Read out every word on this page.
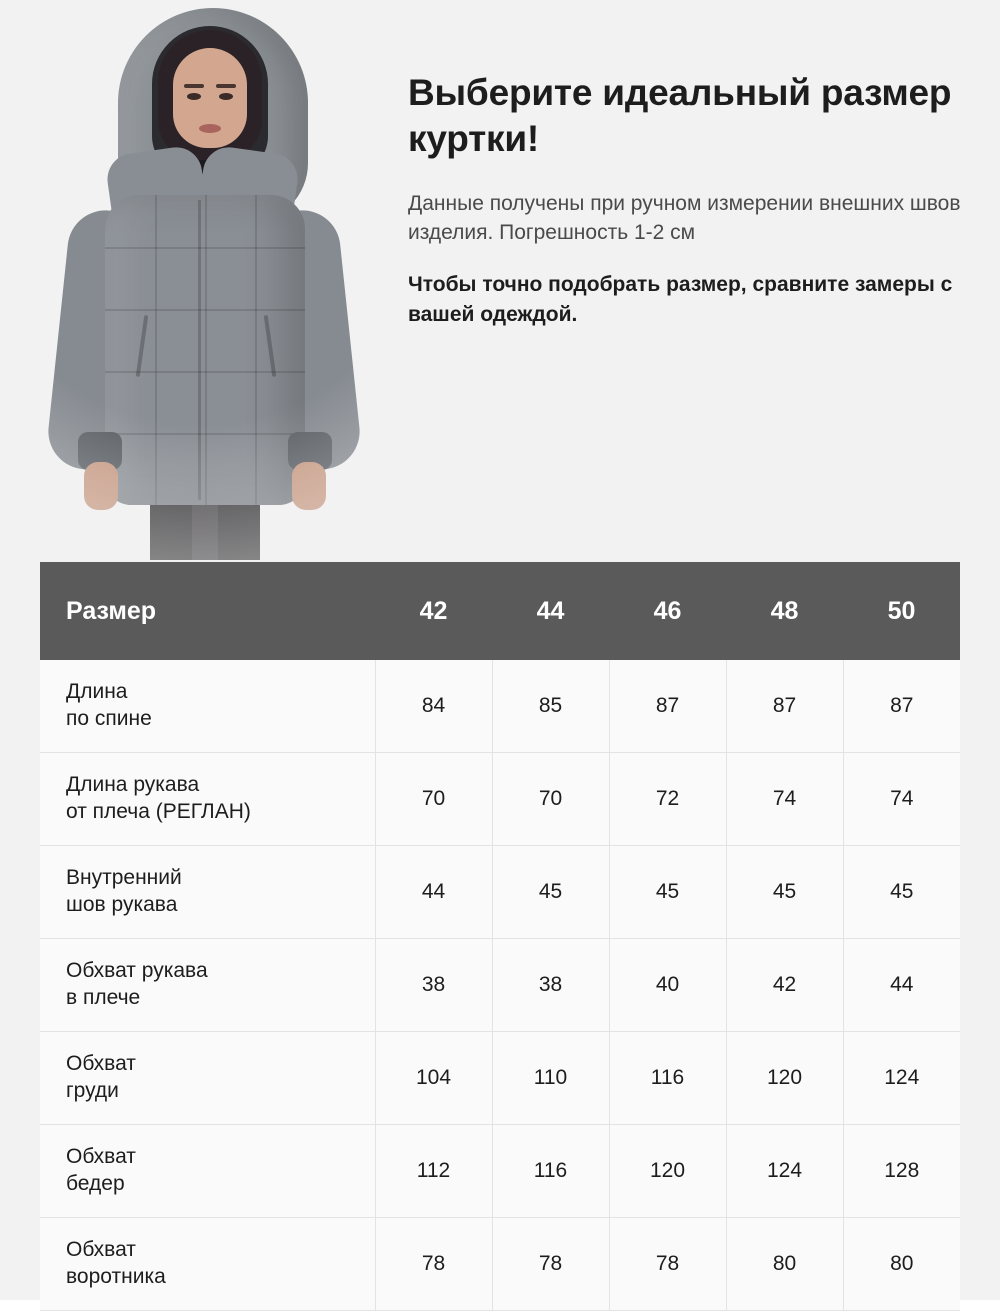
Выберите идеальный размер куртки!

Данные получены при ручном измерении внешних швов изделия. Погрешность 1-2 см

Чтобы точно подобрать размер, сравните замеры с вашей одеждой.

Размер	42	44	46	48	50
Длина
по спине	84	85	87	87	87
Длина рукава
от плеча (РЕГЛАН)	70	70	72	74	74
Внутренний
шов рукава	44	45	45	45	45
Обхват рукава
в плече	38	38	40	42	44
Обхват
груди	104	110	116	120	124
Обхват
бедер	112	116	120	124	128
Обхват
воротника	78	78	78	80	80
